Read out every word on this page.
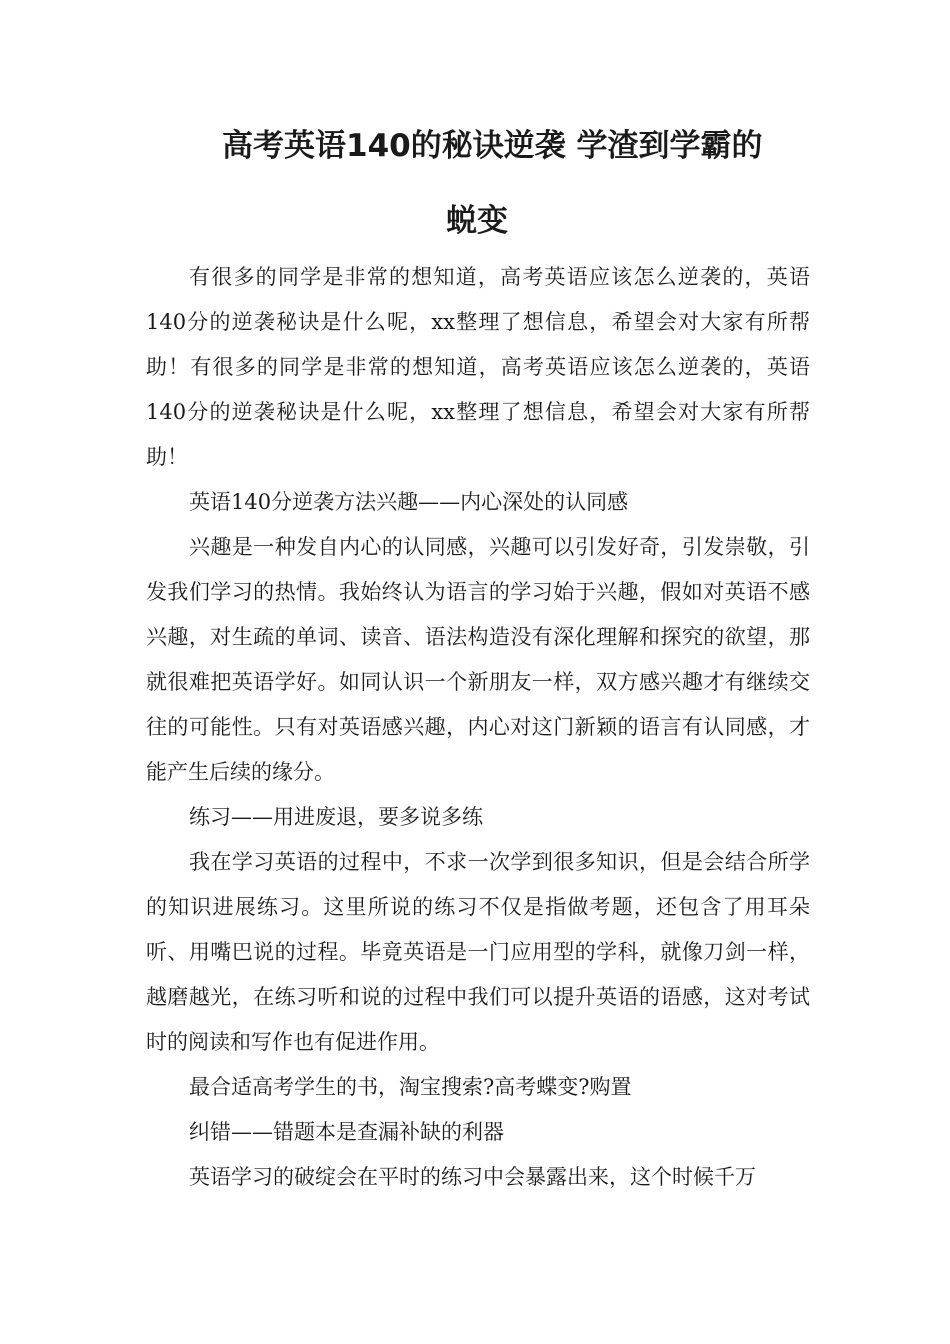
高考英语140的秘诀逆袭 学渣到学霸的
蜕变

有很多的同学是非常的想知道，高考英语应该怎么逆袭的，英语140分的逆袭秘诀是什么呢，xx整理了想信息，希望会对大家有所帮助！有很多的同学是非常的想知道，高考英语应该怎么逆袭的，英语140分的逆袭秘诀是什么呢，xx整理了想信息，希望会对大家有所帮助！

英语140分逆袭方法兴趣——内心深处的认同感

兴趣是一种发自内心的认同感，兴趣可以引发好奇，引发崇敬，引发我们学习的热情。我始终认为语言的学习始于兴趣，假如对英语不感兴趣，对生疏的单词、读音、语法构造没有深化理解和探究的欲望，那就很难把英语学好。如同认识一个新朋友一样，双方感兴趣才有继续交往的可能性。只有对英语感兴趣，内心对这门新颖的语言有认同感，才能产生后续的缘分。

练习——用进废退，要多说多练

我在学习英语的过程中，不求一次学到很多知识，但是会结合所学的知识进展练习。这里所说的练习不仅是指做考题，还包含了用耳朵听、用嘴巴说的过程。毕竟英语是一门应用型的学科，就像刀剑一样，越磨越光，在练习听和说的过程中我们可以提升英语的语感，这对考试时的阅读和写作也有促进作用。

最合适高考学生的书，淘宝搜索?高考蝶变?购置

纠错——错题本是查漏补缺的利器

英语学习的破绽会在平时的练习中会暴露出来，这个时候千万
